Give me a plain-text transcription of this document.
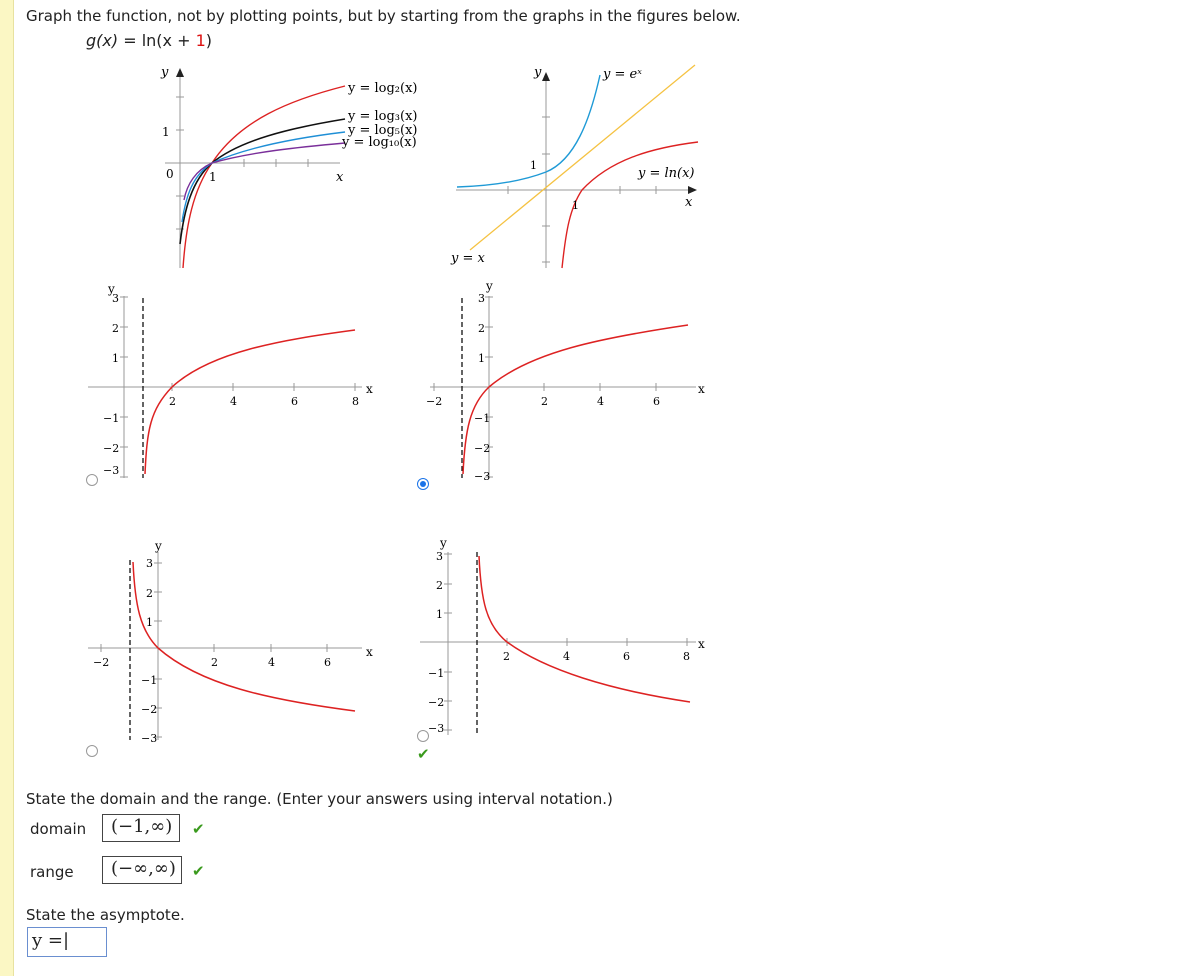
Graph the function, not by plotting points, but by starting from the graphs in the figures below.
g(x) = ln(x + 1)
y
1
0	1	x
y = log₂(x)
y = log₃(x)
y = log₅(x)
y = log₁₀(x)
y	y = eˣ
1
1
y = ln(x)
x
y = x
y
3
2
1
−1
−2
−3
2	4	6	8
x
y
3
2
1
−1
−2
−3
−2	2	4	6
x
y
3
2
1
−1
−2
−3
−2	2	4	6
x
✔
y
3
2
1
−1
−2
−3
2	4	6	8
x
State the domain and the range. (Enter your answers using interval notation.)
domain	(−1,∞)	✔
range	(−∞,∞)	✔
State the asymptote.
y =|
